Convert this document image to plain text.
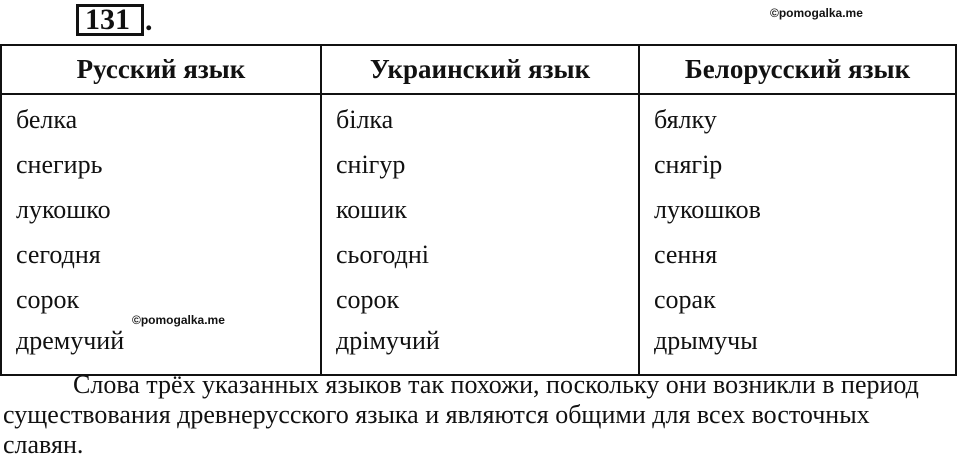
131 .	©pomogalka.me
Русский язык	Украинский язык	Белорусский язык
белка	білка	бялку
снегирь	снігур	снягір
лукошко	кошик	лукошков
сегодня	сьогодні	сення
сорок	сорок	сорак
дремучий	дрімучий	дрымучы
©pomogalka.me

Слова трёх указанных языков так похожи, поскольку они возникли в период существования древнерусского языка и являются общими для всех восточных славян.
